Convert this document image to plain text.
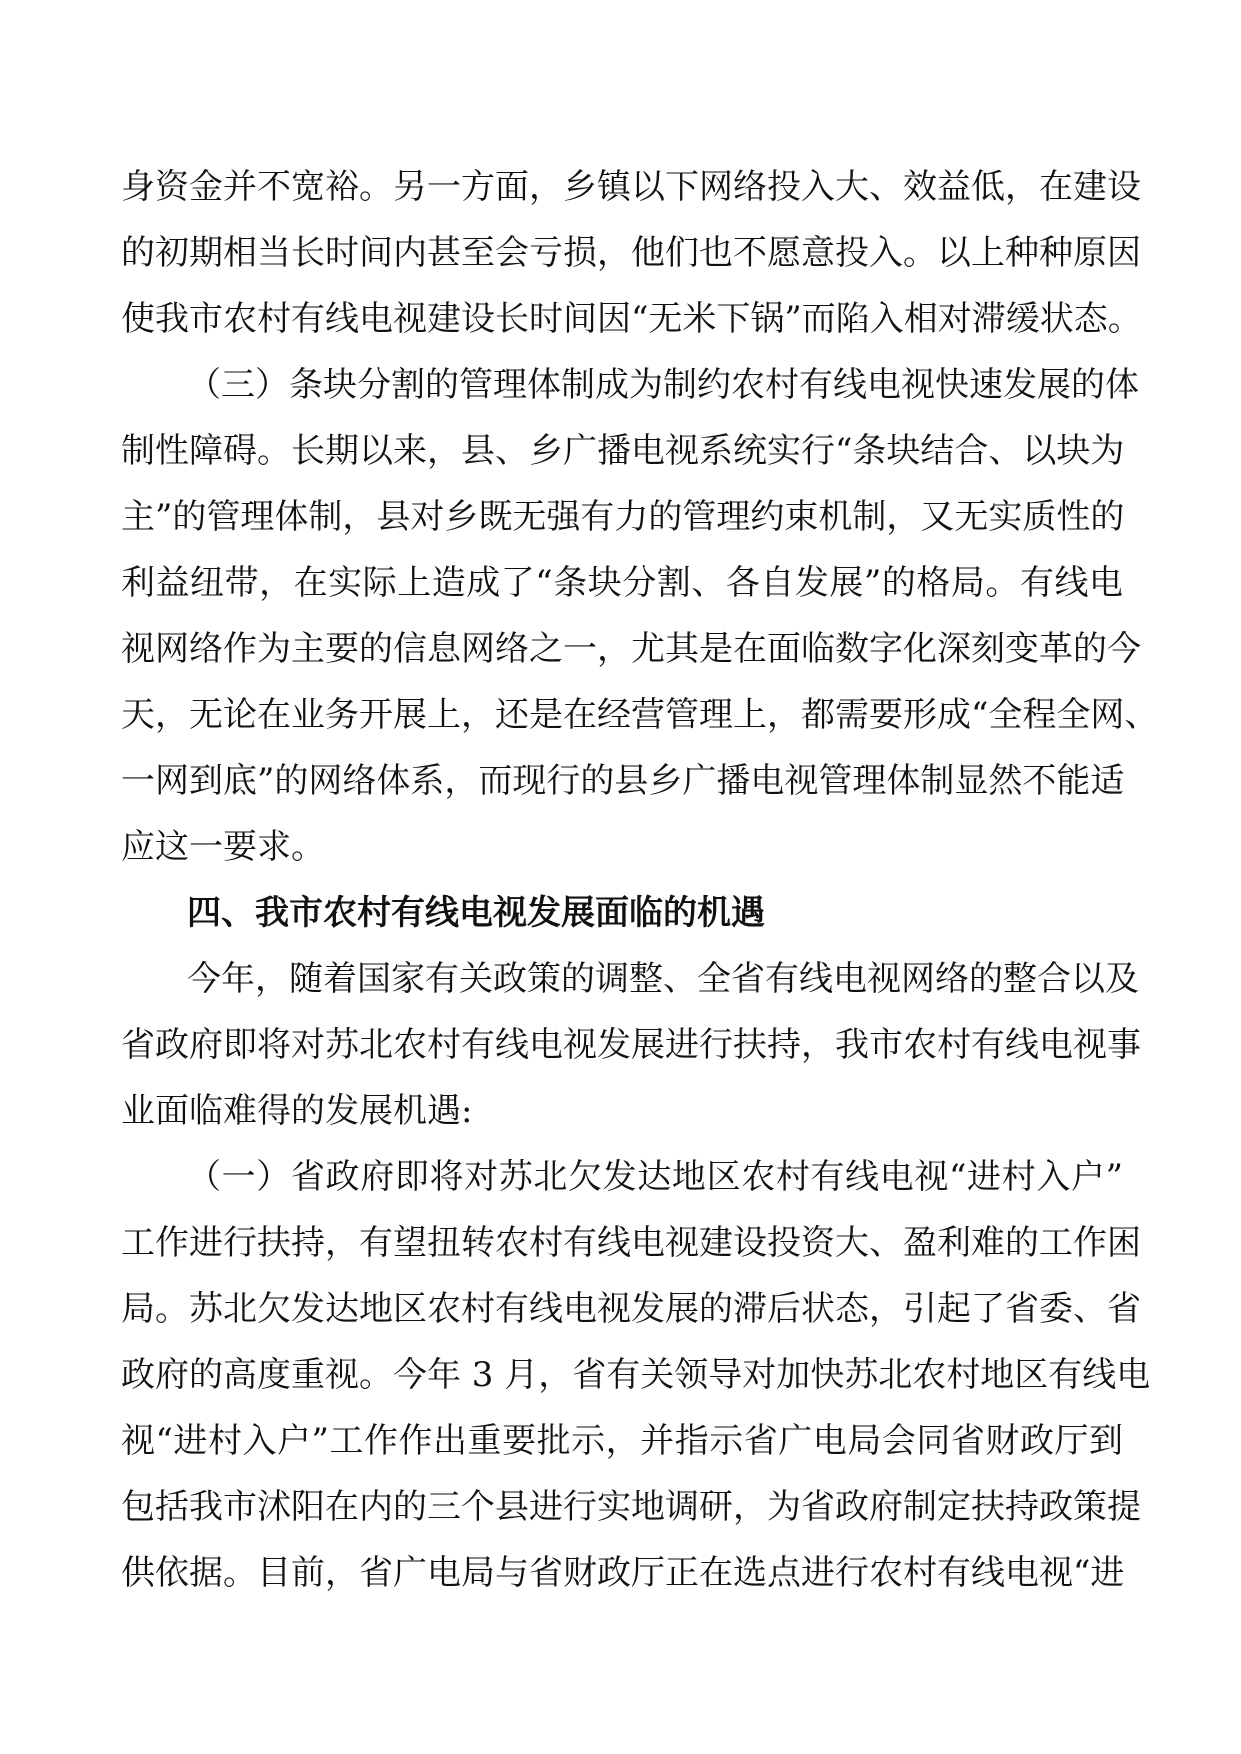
身资金并不宽裕。另一方面，乡镇以下网络投入大、效益低，在建设
的初期相当长时间内甚至会亏损，他们也不愿意投入。以上种种原因
使我市农村有线电视建设长时间因“无米下锅”而陷入相对滞缓状态。
（三）条块分割的管理体制成为制约农村有线电视快速发展的体
制性障碍。长期以来，县、乡广播电视系统实行“条块结合、以块为
主”的管理体制，县对乡既无强有力的管理约束机制，又无实质性的
利益纽带，在实际上造成了“条块分割、各自发展”的格局。有线电
视网络作为主要的信息网络之一，尤其是在面临数字化深刻变革的今
天，无论在业务开展上，还是在经营管理上，都需要形成“全程全网、
一网到底”的网络体系，而现行的县乡广播电视管理体制显然不能适
应这一要求。
四、我市农村有线电视发展面临的机遇
今年，随着国家有关政策的调整、全省有线电视网络的整合以及
省政府即将对苏北农村有线电视发展进行扶持，我市农村有线电视事
业面临难得的发展机遇:
（一）省政府即将对苏北欠发达地区农村有线电视“进村入户”
工作进行扶持，有望扭转农村有线电视建设投资大、盈利难的工作困
局。苏北欠发达地区农村有线电视发展的滞后状态，引起了省委、省
政府的高度重视。今年 3 月，省有关领导对加快苏北农村地区有线电
视“进村入户”工作作出重要批示，并指示省广电局会同省财政厅到
包括我市沭阳在内的三个县进行实地调研，为省政府制定扶持政策提
供依据。目前，省广电局与省财政厅正在选点进行农村有线电视“进
